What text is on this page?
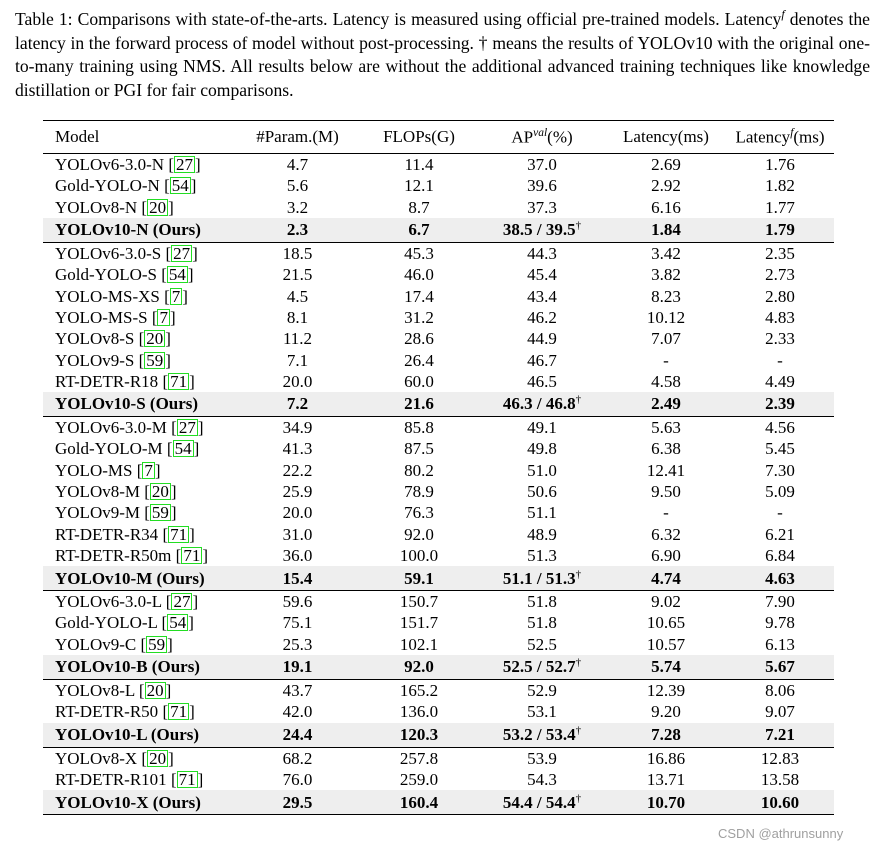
Table 1: Comparisons with state-of-the-arts. Latency is measured using official pre-trained models. Latency$^f$ denotes the latency in the forward process of model without post-processing. † means the results of YOLOv10 with the original one-to-many training using NMS. All results below are without the additional advanced training techniques like knowledge distillation or PGI for fair comparisons.
Model	#Param.(M)	FLOPs(G)	$AP^{val}(\%)$	Latency(ms)	Latency$^f$(ms)
YOLOv6-3.0-N [ 27 ]	4.7	11.4	37.0	2.69	1.76
Gold-YOLO-N [ 54 ]	5.6	12.1	39.6	2.92	1.82
YOLOv8-N [ 20 ]	3.2	8.7	37.3	6.16	1.77
YOLOv10-N (Ours)	2.3	6.7	38.5 / 39.5†	1.84	1.79
YOLOv6-3.0-S [ 27 ]	18.5	45.3	44.3	3.42	2.35
Gold-YOLO-S [ 54 ]	21.5	46.0	45.4	3.82	2.73
YOLO-MS-XS [ 7 ]	4.5	17.4	43.4	8.23	2.80
YOLO-MS-S [ 7 ]	8.1	31.2	46.2	10.12	4.83
YOLOv8-S [ 20 ]	11.2	28.6	44.9	7.07	2.33
YOLOv9-S [ 59 ]	7.1	26.4	46.7	-	-
RT-DETR-R18 [ 71 ]	20.0	60.0	46.5	4.58	4.49
YOLOv10-S (Ours)	7.2	21.6	46.3 / 46.8†	2.49	2.39
YOLOv6-3.0-M [ 27 ]	34.9	85.8	49.1	5.63	4.56
Gold-YOLO-M [ 54 ]	41.3	87.5	49.8	6.38	5.45
YOLO-MS [ 7 ]	22.2	80.2	51.0	12.41	7.30
YOLOv8-M [ 20 ]	25.9	78.9	50.6	9.50	5.09
YOLOv9-M [ 59 ]	20.0	76.3	51.1	-	-
RT-DETR-R34 [ 71 ]	31.0	92.0	48.9	6.32	6.21
RT-DETR-R50m [ 71 ]	36.0	100.0	51.3	6.90	6.84
YOLOv10-M (Ours)	15.4	59.1	51.1 / 51.3†	4.74	4.63
YOLOv6-3.0-L [ 27 ]	59.6	150.7	51.8	9.02	7.90
Gold-YOLO-L [ 54 ]	75.1	151.7	51.8	10.65	9.78
YOLOv9-C [ 59 ]	25.3	102.1	52.5	10.57	6.13
YOLOv10-B (Ours)	19.1	92.0	52.5 / 52.7†	5.74	5.67
YOLOv8-L [ 20 ]	43.7	165.2	52.9	12.39	8.06
RT-DETR-R50 [ 71 ]	42.0	136.0	53.1	9.20	9.07
YOLOv10-L (Ours)	24.4	120.3	53.2 / 53.4†	7.28	7.21
YOLOv8-X [ 20 ]	68.2	257.8	53.9	16.86	12.83
RT-DETR-R101 [ 71 ]	76.0	259.0	54.3	13.71	13.58
YOLOv10-X (Ours)	29.5	160.4	54.4 / 54.4†	10.70	10.60
CSDN @athrunsunny
